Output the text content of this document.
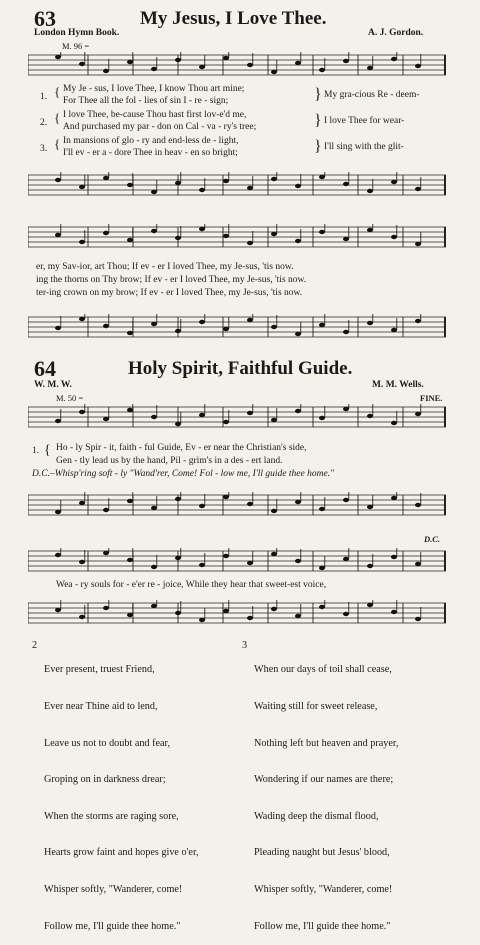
63	My Jesus, I Love Thee.
London Hymn Book.	A. J. Gordon.
M. 96 =
1.
2.
3.
{
{
{
My Je - sus, I love Thee, I know Thou art mine;
For Thee all the fol - lies of sin I - re - sign;
I love Thee, be-cause Thou hast first lov-e'd me,
And purchased my par - don on Cal - va - ry's tree;
In mansions of glo - ry and end-less de - light,
I'll ev - er a - dore Thee in heav - en so bright;
}
}
}
My gra-cious Re - deem-
I love Thee for wear-
I'll sing with the glit-
er, my Sav-ior, art Thou; If ev - er I loved Thee, my Je-sus, 'tis now.
ing the thorns on Thy brow; If ev - er I loved Thee, my Je-sus, 'tis now.
ter-ing crown on my brow; If ev - er I loved Thee, my Je-sus, 'tis now.
64	Holy Spirit, Faithful Guide.
W. M. W.	M. M. Wells.
M. 50 =	FINE.
1. { Ho - ly Spir - it, faith - ful Guide, Ev - er near the Christian's side,
Gen - tly lead us by the hand, Pil - grim's in a des - ert land.
D.C.–Whisp'ring soft - ly "Wand'rer, Come! Fol - low me, I'll guide thee home."
D.C.
Wea - ry souls for - e'er re - joice, While they hear that sweet-est voice,
2

Ever present, truest Friend,

Ever near Thine aid to lend,

Leave us not to doubt and fear,

Groping on in darkness drear;

When the storms are raging sore,

Hearts grow faint and hopes give o'er,

Whisper softly, "Wanderer, come!

Follow me, I'll guide thee home."

3

When our days of toil shall cease,

Waiting still for sweet release,

Nothing left but heaven and prayer,

Wondering if our names are there;

Wading deep the dismal flood,

Pleading naught but Jesus' blood,

Whisper softly, "Wanderer, come!

Follow me, I'll guide thee home."
